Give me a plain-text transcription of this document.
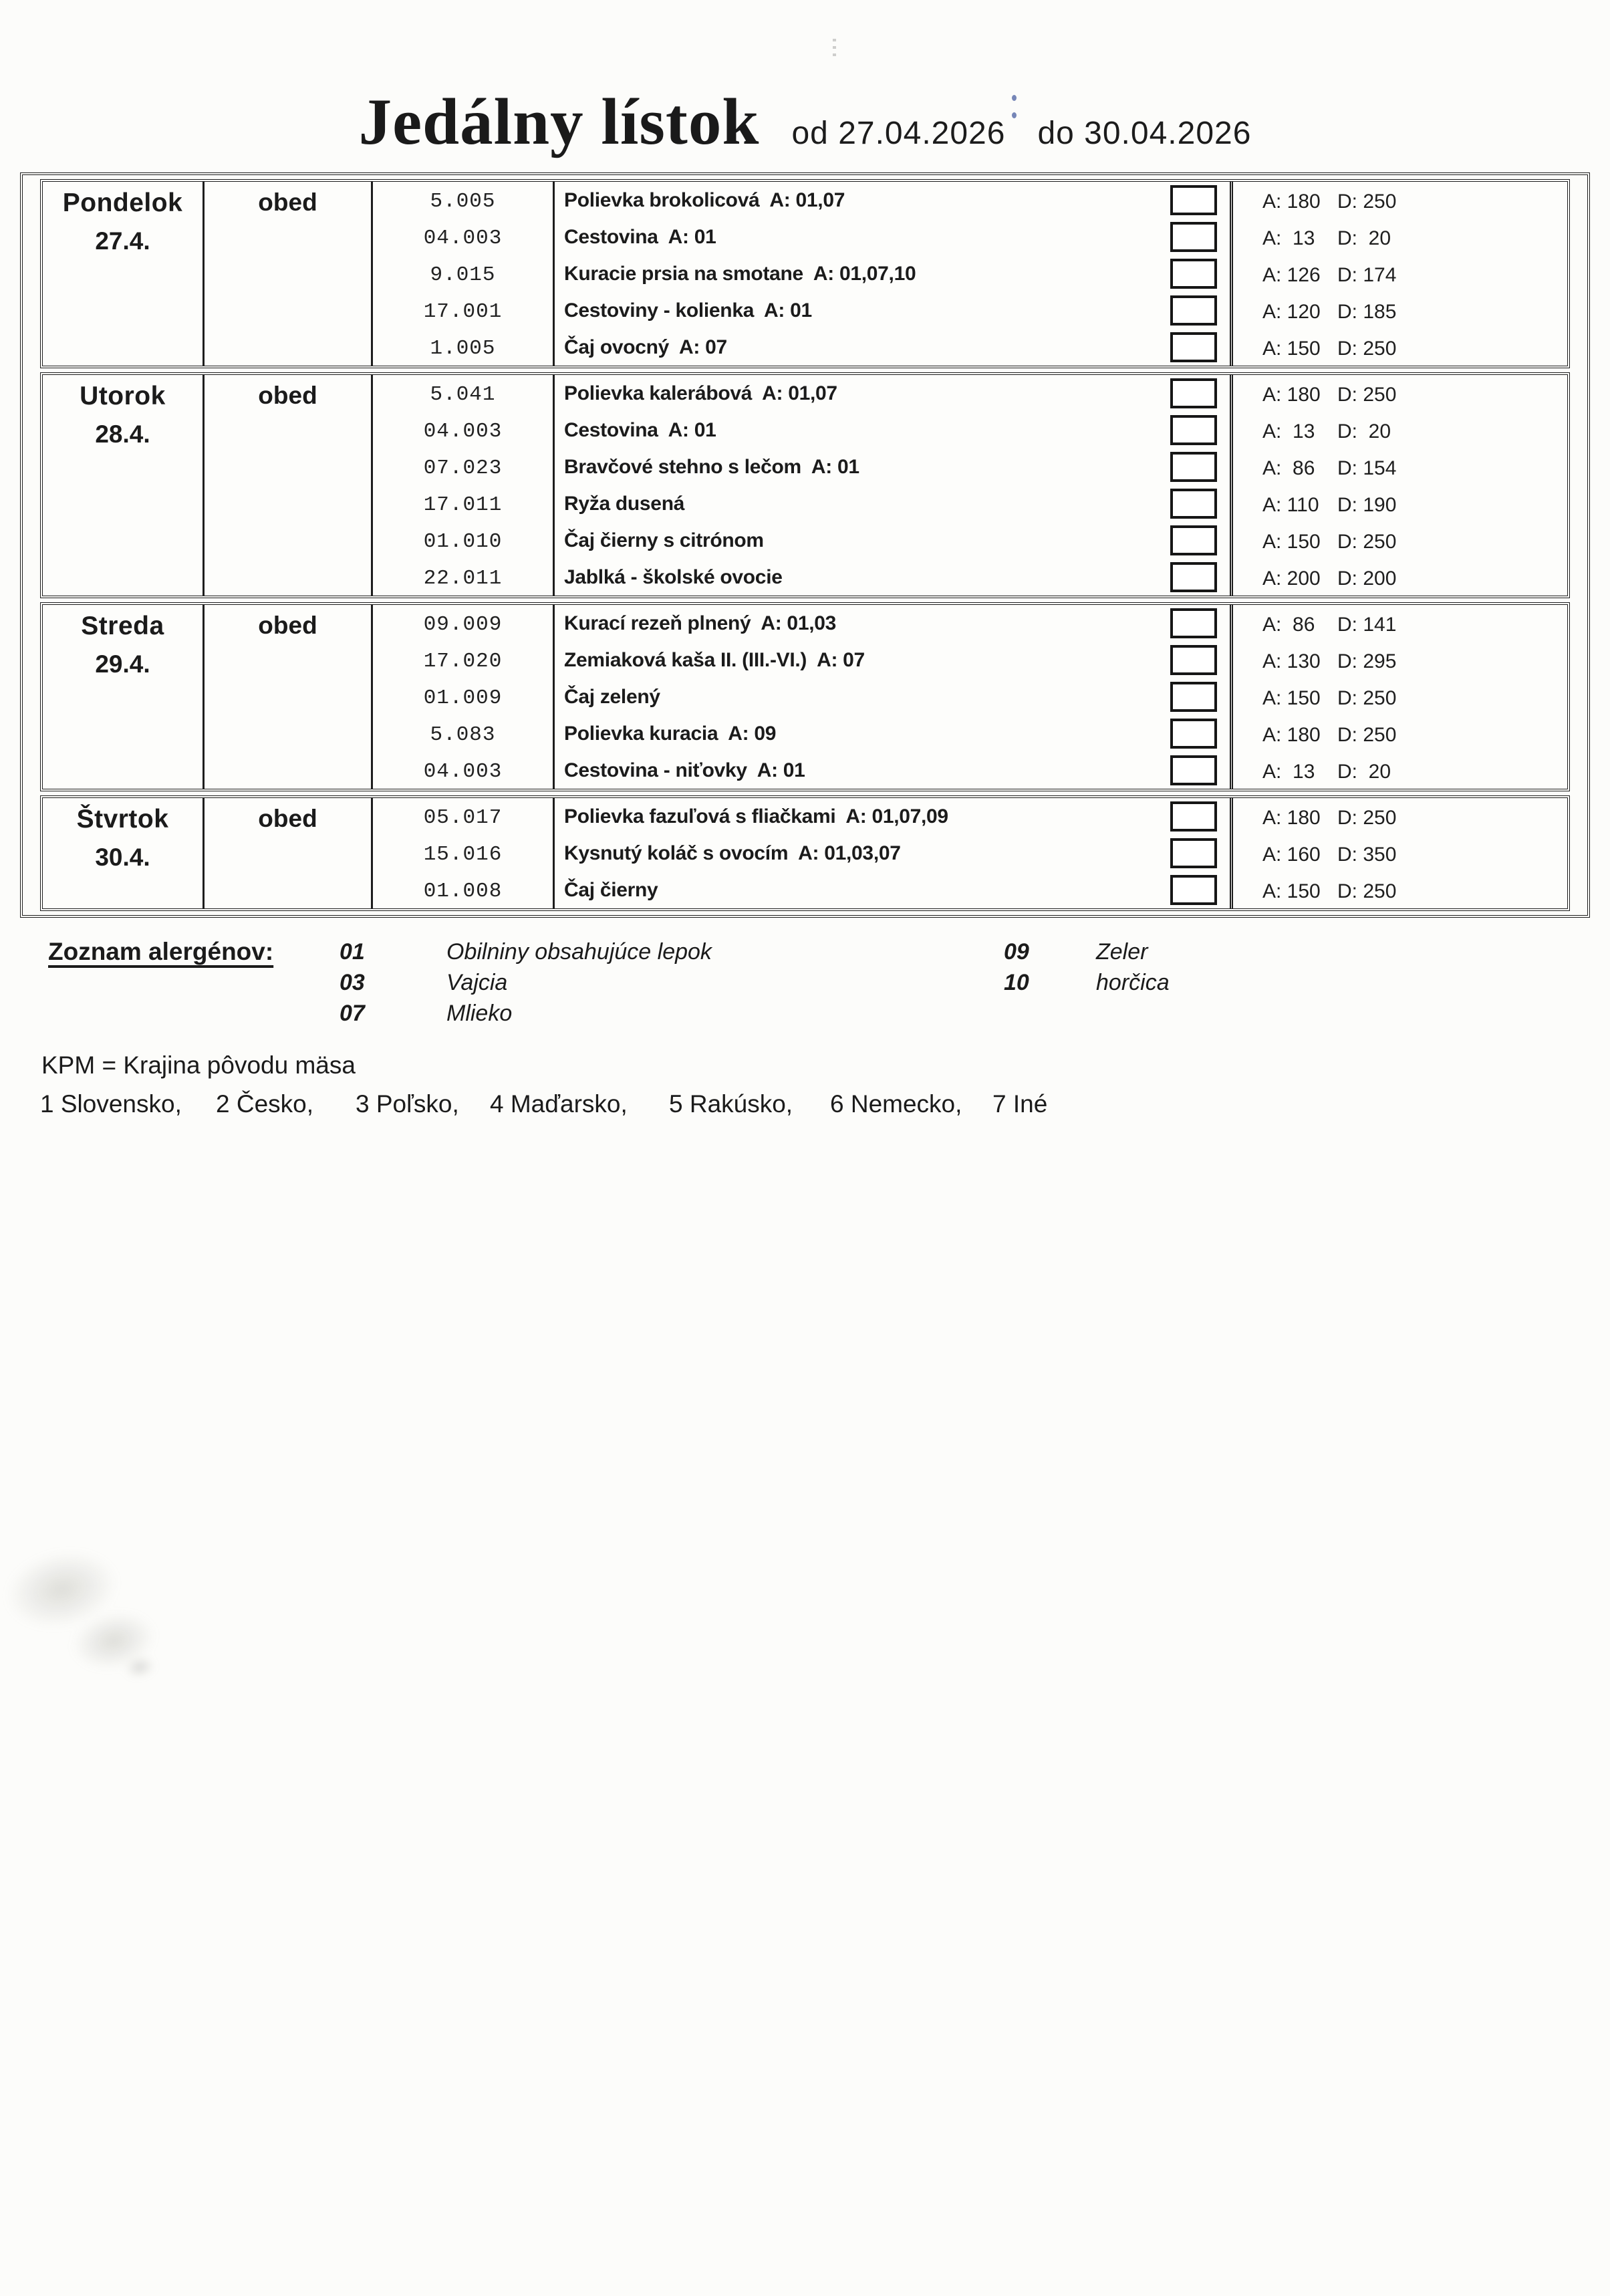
Jedálny lístok od 27.04.2026 do 30.04.2026
Pondelok
27.4.
obed	5.005	Polievka brokolicová  A: 01,07	A: 180 D: 250
04.003	Cestovina  A: 01	A:  13	D:  20
9.015	Kuracie prsia na smotane  A: 01,07,10	A: 126 D: 174
17.001	Cestoviny - kolienka  A: 01	A: 120 D: 185
1.005	Čaj ovocný  A: 07	A: 150 D: 250
Utorok
28.4.
obed	5.041	Polievka kalerábová  A: 01,07	A: 180 D: 250
04.003	Cestovina  A: 01	A:  13	D:  20
07.023	Bravčové stehno s lečom  A: 01	A:  86	D: 154
17.011	Ryža dusená	A: 110 D: 190
01.010	Čaj čierny s citrónom	A: 150 D: 250
22.011	Jablká - školské ovocie	A: 200 D: 200
Streda
29.4.
obed	09.009	Kurací rezeň plnený  A: 01,03	A:  86	D: 141
17.020	Zemiaková kaša II. (III.-VI.)  A: 07	A: 130 D: 295
01.009	Čaj zelený	A: 150 D: 250
5.083	Polievka kuracia  A: 09	A: 180 D: 250
04.003	Cestovina - niťovky  A: 01	A:  13	D:  20
Štvrtok
30.4.
obed	05.017	Polievka fazuľová s fliačkami  A: 01,07,09	A: 180 D: 250
15.016	Kysnutý koláč s ovocím  A: 01,03,07	A: 160 D: 350
01.008	Čaj čierny	A: 150 D: 250
Zoznam alergénov:	01	Obilniny obsahujúce lepok
03	Vajcia
07	Mlieko
09	Zeler
10	horčica
KPM = Krajina pôvodu mäsa
1 Slovensko, 2 Česko, 3 Poľsko, 4 Maďarsko, 5 Rakúsko, 6 Nemecko, 7 Iné
